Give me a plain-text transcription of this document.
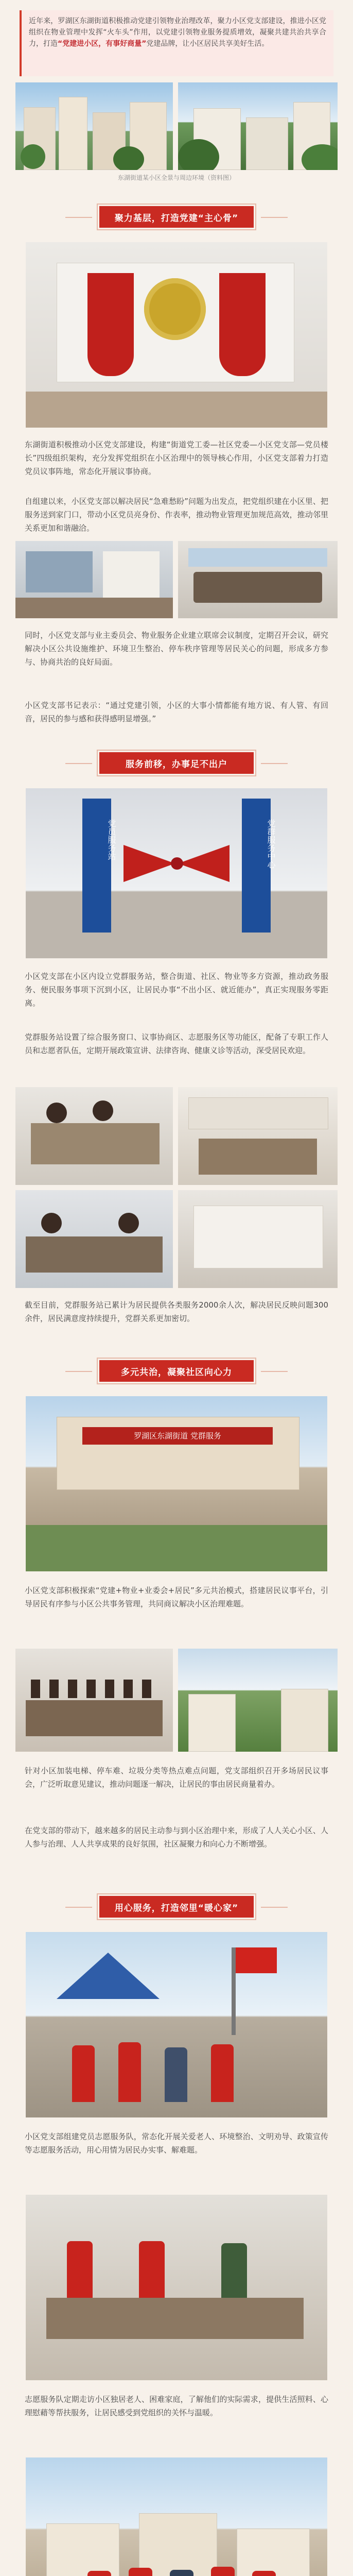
近年来，罗湖区东湖街道积极推动党建引领物业治理改革，聚力小区党支部建设，推进小区党组织在物业管理中发挥“火车头”作用，以党建引领物业服务提质增效，凝聚共建共治共享合力，打造“党建进小区，有事好商量”党建品牌，让小区居民共享美好生活。

东湖街道某小区全景与周边环境（资料图）
聚力基层，打造党建“主心骨”
东湖街道积极推动小区党支部建设，构建“街道党工委—社区党委—小区党支部—党员楼长”四级组织架构，充分发挥党组织在小区治理中的领导核心作用，小区党支部着力打造党员议事阵地，常态化开展议事协商。
自组建以来，小区党支部以解决居民“急难愁盼”问题为出发点，把党组织建在小区里、把服务送到家门口，带动小区党员亮身份、作表率，推动物业管理更加规范高效，推动邻里关系更加和谐融洽。
同时，小区党支部与业主委员会、物业服务企业建立联席会议制度，定期召开会议，研究解决小区公共设施维护、环境卫生整治、停车秩序管理等居民关心的问题，形成多方参与、协商共治的良好局面。
小区党支部书记表示：“通过党建引领，小区的大事小情都能有地方说、有人管、有回音，居民的参与感和获得感明显增强。”
服务前移，办事足不出户
党员服务站	党群服务中心
小区党支部在小区内设立党群服务站，整合街道、社区、物业等多方资源，推动政务服务、便民服务事项下沉到小区，让居民办事“不出小区、就近能办”，真正实现服务零距离。
党群服务站设置了综合服务窗口、议事协商区、志愿服务区等功能区，配备了专职工作人员和志愿者队伍，定期开展政策宣讲、法律咨询、健康义诊等活动，深受居民欢迎。
截至目前，党群服务站已累计为居民提供各类服务2000余人次，解决居民反映问题300余件，居民满意度持续提升，党群关系更加密切。
多元共治，凝聚社区向心力
罗湖区东湖街道 党群服务
小区党支部积极探索“党建+物业+业委会+居民”多元共治模式，搭建居民议事平台，引导居民有序参与小区公共事务管理，共同商议解决小区治理难题。
针对小区加装电梯、停车难、垃圾分类等热点难点问题，党支部组织召开多场居民议事会，广泛听取意见建议，推动问题逐一解决，让居民的事由居民商量着办。
在党支部的带动下，越来越多的居民主动参与到小区治理中来，形成了人人关心小区、人人参与治理、人人共享成果的良好氛围，社区凝聚力和向心力不断增强。
用心服务，打造邻里“暖心家”
小区党支部组建党员志愿服务队，常态化开展关爱老人、环境整治、文明劝导、政策宣传等志愿服务活动，用心用情为居民办实事、解难题。
志愿服务队定期走访小区独居老人、困难家庭，了解他们的实际需求，提供生活照料、心理慰藉等帮扶服务，让居民感受到党组织的关怀与温暖。
